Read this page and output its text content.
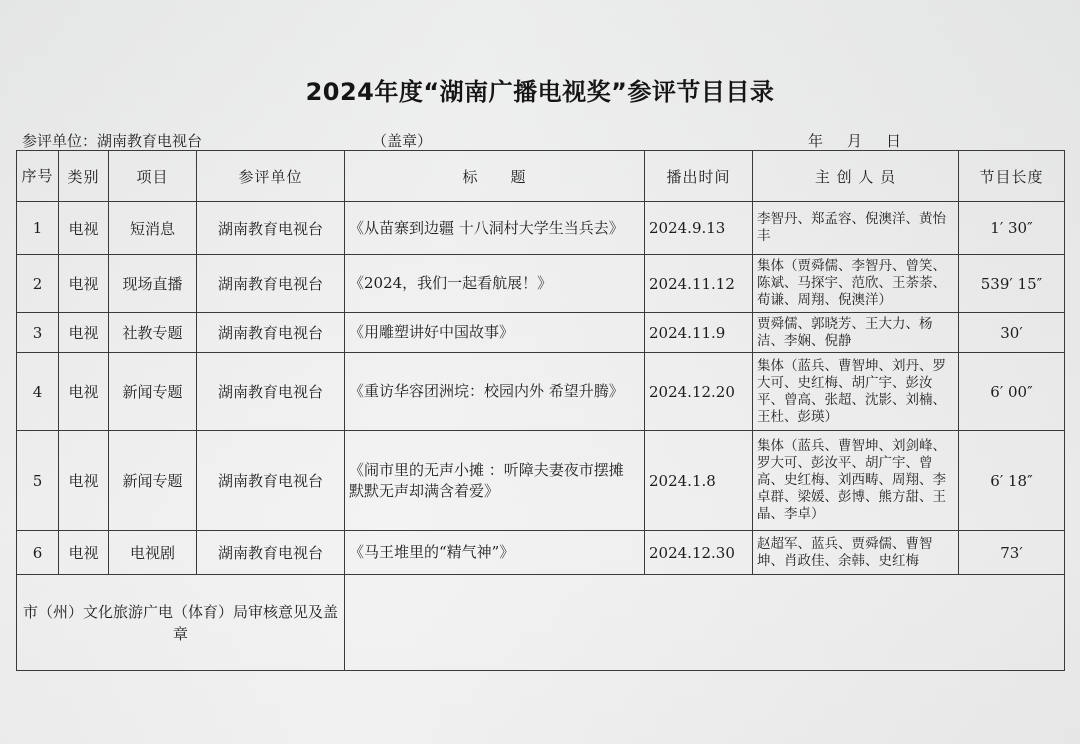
2024年度“湖南广播电视奖”参评节目目录
参评单位：湖南教育电视台	（盖章）	年 月 日
序号	类别	项目	参评单位	标　　题	播出时间	主 创 人 员	节目长度
1	电视	短消息	湖南教育电视台	《从苗寨到边疆 十八洞村大学生当兵去》	2024.9.13	李智丹、郑孟容、倪澳洋、黄怡丰	1′ 30″
2	电视	现场直播	湖南教育电视台	《2024，我们一起看航展！》	2024.11.12	集体（贾舜儒、李智丹、曾笑、陈斌、马探宇、范欣、王荼荼、荀谦、周翔、倪澳洋）	539′ 15″
3	电视	社教专题	湖南教育电视台	《用雕塑讲好中国故事》	2024.11.9	贾舜儒、郭晓芳、王大力、杨洁、李娴、倪静	30′
4	电视	新闻专题	湖南教育电视台	《重访华容团洲垸：校园内外 希望升腾》	2024.12.20	集体（蓝兵、曹智坤、刘丹、罗大可、史红梅、胡广宇、彭汝平、曾高、张超、沈影、刘楠、王杜、彭瑛）	6′ 00″
5	电视	新闻专题	湖南教育电视台	《闹市里的无声小摊 ：听障夫妻夜市摆摊 默默无声却满含着爱》	2024.1.8	集体（蓝兵、曹智坤、刘剑峰、罗大可、彭汝平、胡广宇、曾高、史红梅、刘西畴、周翔、李卓群、梁媛、彭博、熊方甜、王晶、李卓）	6′ 18″
6	电视	电视剧	湖南教育电视台	《马王堆里的“精气神”》	2024.12.30	赵超军、蓝兵、贾舜儒、曹智坤、肖政佳、余韩、史红梅	73′
市（州）文化旅游广电（体育）局审核意见及盖章							
